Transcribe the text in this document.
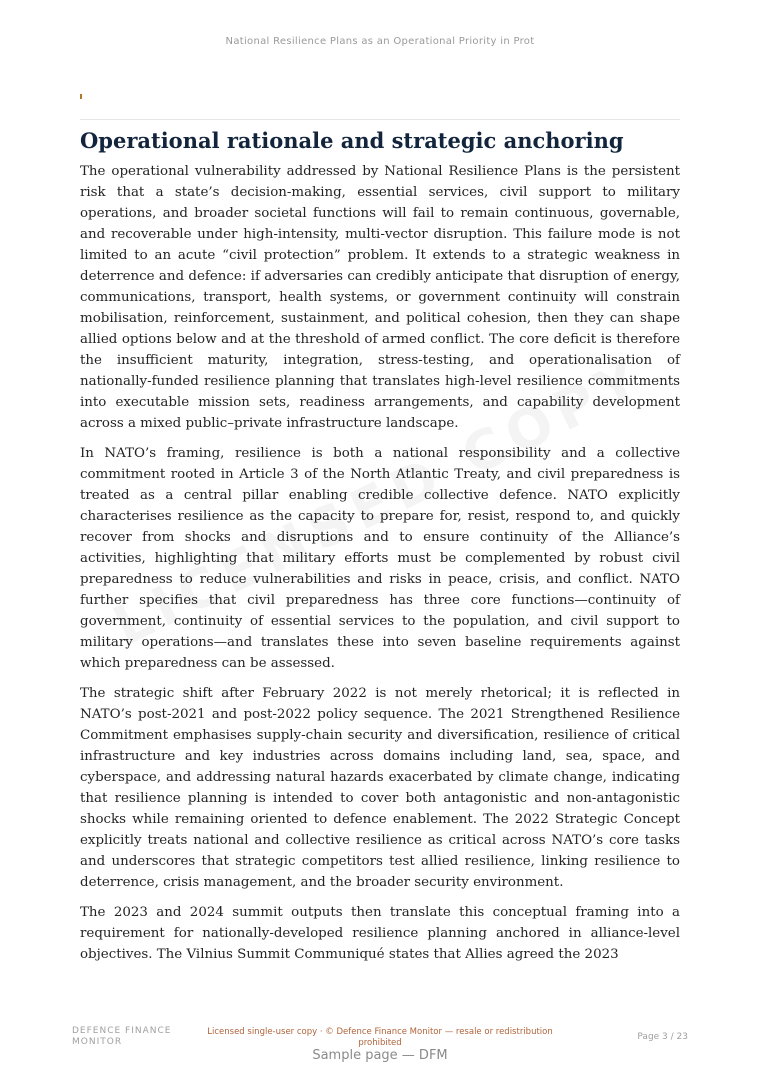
National Resilience Plans as an Operational Priority in Prot
Operational rationale and strategic anchoring

The operational vulnerability addressed by National Resilience Plans is the persistent risk that a state’s decision-making, essential services, civil support to military operations, and broader societal functions will fail to remain continuous, governable, and recoverable under high-intensity, multi-vector disruption. This failure mode is not limited to an acute “civil protection” problem. It extends to a strategic weakness in deterrence and defence: if adversaries can credibly anticipate that disruption of energy, communications, transport, health systems, or government continuity will constrain mobilisation, reinforcement, sustainment, and political cohesion, then they can shape allied options below and at the threshold of armed conflict. The core deficit is therefore the insufficient maturity, integration, stress-testing, and operationalisation of nationally-funded resilience planning that translates high-level resilience commitments into executable mission sets, readiness arrangements, and capability development across a mixed public–private infrastructure landscape.

In NATO’s framing, resilience is both a national responsibility and a collective commitment rooted in Article 3 of the North Atlantic Treaty, and civil preparedness is treated as a central pillar enabling credible collective defence. NATO explicitly characterises resilience as the capacity to prepare for, resist, respond to, and quickly recover from shocks and disruptions and to ensure continuity of the Alliance’s activities, highlighting that military efforts must be complemented by robust civil preparedness to reduce vulnerabilities and risks in peace, crisis, and conflict. NATO further specifies that civil preparedness has three core functions—continuity of government, continuity of essential services to the population, and civil support to military operations—and translates these into seven baseline requirements against which preparedness can be assessed.

The strategic shift after February 2022 is not merely rhetorical; it is reflected in NATO’s post-2021 and post-2022 policy sequence. The 2021 Strengthened Resilience Commitment emphasises supply-chain security and diversification, resilience of critical infrastructure and key industries across domains including land, sea, space, and cyberspace, and addressing natural hazards exacerbated by climate change, indicating that resilience planning is intended to cover both antagonistic and non-antagonistic shocks while remaining oriented to defence enablement. The 2022 Strategic Concept explicitly treats national and collective resilience as critical across NATO’s core tasks and underscores that strategic competitors test allied resilience, linking resilience to deterrence, crisis management, and the broader security environment.

The 2023 and 2024 summit outputs then translate this conceptual framing into a requirement for nationally-developed resilience planning anchored in alliance-level objectives. The Vilnius Summit Communiqué states that Allies agreed the 2023

DEFENCE FINANCE
MONITOR
Licensed single-user copy · © Defence Finance Monitor — resale or redistribution
prohibited
Page 3 / 23
Sample page — DFM
